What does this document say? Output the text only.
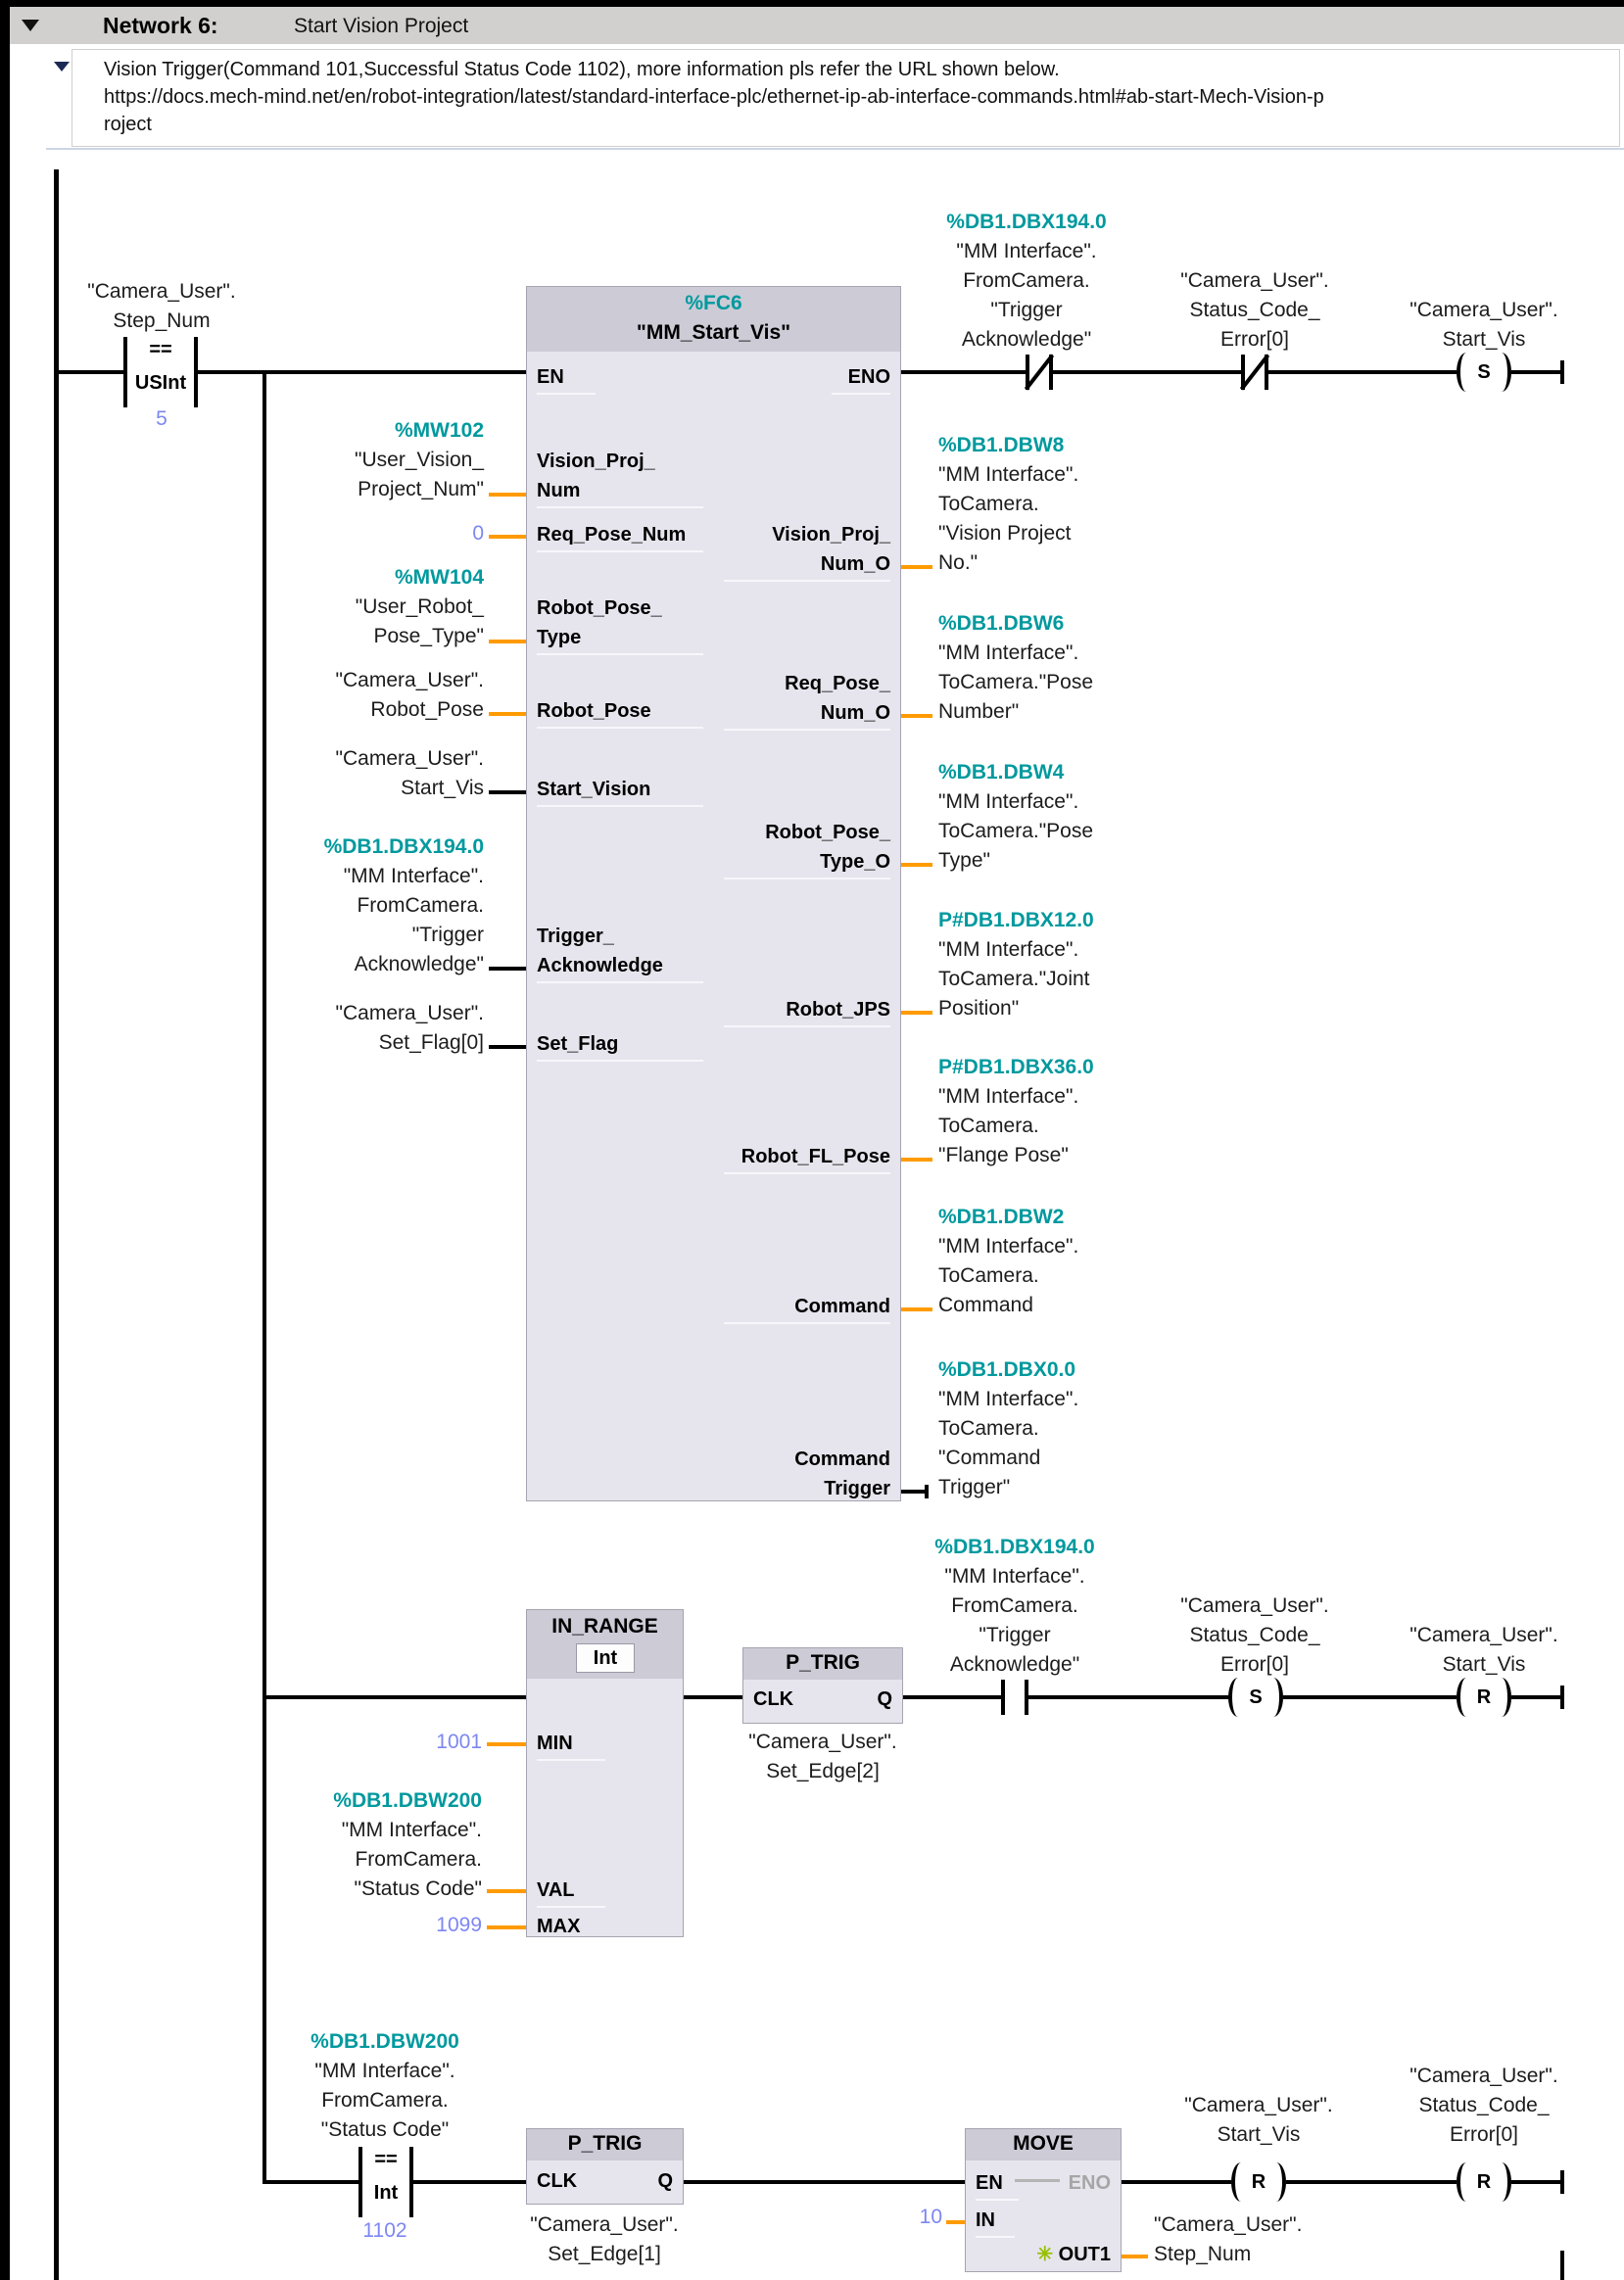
Network 6:	Start Vision Project
Vision Trigger(Command 101,Successful Status Code 1102), more information pls refer the URL shown below.
https://docs.mech-mind.net/en/robot-integration/latest/standard-interface-plc/ethernet-ip-ab-interface-commands.html#ab-start-Mech-Vision-p
roject
"Camera_User".
Step_Num
==
USInt
5
%FC6
"MM_Start_Vis"
EN	ENO
Vision_Proj_
Num
Req_Pose_Num
Robot_Pose_
Type
Robot_Pose
Start_Vision
Trigger_
Acknowledge
Set_Flag
Vision_Proj_
Num_O
Req_Pose_
Num_O
Robot_Pose_
Type_O
Robot_JPS
Robot_FL_Pose
Command
Command
Trigger
%MW102
"User_Vision_
Project_Num"
0
%MW104
"User_Robot_
Pose_Type"
"Camera_User".
Robot_Pose
"Camera_User".
Start_Vis
%DB1.DBX194.0
"MM Interface".
FromCamera.
"Trigger
Acknowledge"
"Camera_User".
Set_Flag[0]
%DB1.DBW8
"MM Interface".
ToCamera.
"Vision Project
No."
%DB1.DBW6
"MM Interface".
ToCamera."Pose
Number"
%DB1.DBW4
"MM Interface".
ToCamera."Pose
Type"
P#DB1.DBX12.0
"MM Interface".
ToCamera."Joint
Position"
P#DB1.DBX36.0
"MM Interface".
ToCamera.
"Flange Pose"
%DB1.DBW2
"MM Interface".
ToCamera.
Command
%DB1.DBX0.0
"MM Interface".
ToCamera.
"Command
Trigger"
%DB1.DBX194.0
"MM Interface".
FromCamera.
"Trigger
Acknowledge"
"Camera_User".
Status_Code_
Error[0]
"Camera_User".
Start_Vis
S
IN_RANGE
Int
MIN
VAL
MAX
1001
%DB1.DBW200
"MM Interface".
FromCamera.
"Status Code"
1099
P_TRIG
CLK	Q
"Camera_User".
Set_Edge[2]
%DB1.DBX194.0
"MM Interface".
FromCamera.
"Trigger
Acknowledge"
"Camera_User".
Status_Code_
Error[0]
S
"Camera_User".
Start_Vis
R
%DB1.DBW200
"MM Interface".
FromCamera.
"Status Code"
==
Int
1102
P_TRIG
CLK	Q
"Camera_User".
Set_Edge[1]
MOVE
EN	ENO
IN
✳ OUT1
10	"Camera_User".
Step_Num
"Camera_User".
Start_Vis
R
"Camera_User".
Status_Code_
Error[0]
R
